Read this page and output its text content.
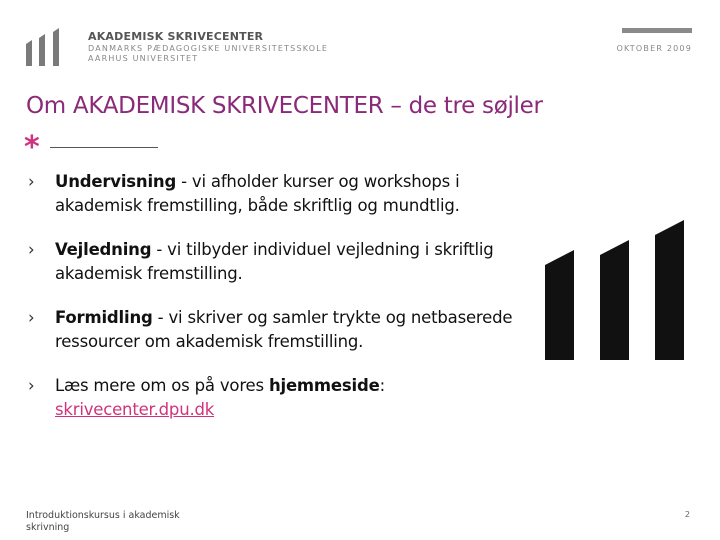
AKADEMISK SKRIVECENTER
DANMARKS PÆDAGOGISKE UNIVERSITETSSKOLE
AARHUS UNIVERSITET
OKTOBER 2009
Om AKADEMISK SKRIVECENTER – de tre søjler
*
›	Undervisning - vi afholder kurser og workshops i akademisk fremstilling, både skriftlig og mundtlig.
›	Vejledning - vi tilbyder individuel vejledning i skriftlig akademisk fremstilling.
›	Formidling - vi skriver og samler trykte og netbaserede ressourcer om akademisk fremstilling.
›	Læs mere om os på vores hjemmeside: skrivecenter.dpu.dk
Introduktionskursus i akademisk skrivning
2
